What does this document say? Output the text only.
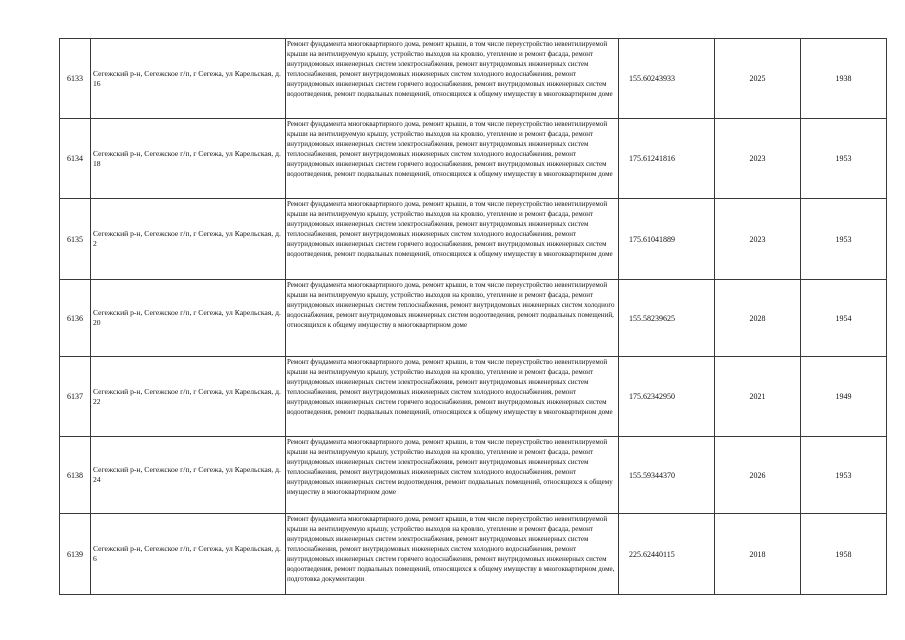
6133	Сегежский р-н, Сегежское г/п, г Сегежа, ул Карельская, д. 16	Ремонт фундамента многоквартирного дома, ремонт крыши, в том числе переустройство невентилируемой крыши на вентилируемую крышу, устройство выходов на кровлю, утепление и ремонт фасада, ремонт внутридомовых инженерных систем электроснабжения, ремонт внутридомовых инженерных систем теплоснабжения, ремонт внутридомовых инженерных систем холодного водоснабжения, ремонт внутридомовых инженерных систем горячего водоснабжения, ремонт внутридомовых инженерных систем водоотведения, ремонт подвальных помещений, относящихся к общему имуществу в многоквартирном доме	155.60243933	2025	1938
6134	Сегежский р-н, Сегежское г/п, г Сегежа, ул Карельская, д. 18	Ремонт фундамента многоквартирного дома, ремонт крыши, в том числе переустройство невентилируемой крыши на вентилируемую крышу, устройство выходов на кровлю, утепление и ремонт фасада, ремонт внутридомовых инженерных систем электроснабжения, ремонт внутридомовых инженерных систем теплоснабжения, ремонт внутридомовых инженерных систем холодного водоснабжения, ремонт внутридомовых инженерных систем горячего водоснабжения, ремонт внутридомовых инженерных систем водоотведения, ремонт подвальных помещений, относящихся к общему имуществу в многоквартирном доме	175.61241816	2023	1953
6135	Сегежский р-н, Сегежское г/п, г Сегежа, ул Карельская, д. 2	Ремонт фундамента многоквартирного дома, ремонт крыши, в том числе переустройство невентилируемой крыши на вентилируемую крышу, устройство выходов на кровлю, утепление и ремонт фасада, ремонт внутридомовых инженерных систем электроснабжения, ремонт внутридомовых инженерных систем теплоснабжения, ремонт внутридомовых инженерных систем холодного водоснабжения, ремонт внутридомовых инженерных систем горячего водоснабжения, ремонт внутридомовых инженерных систем водоотведения, ремонт подвальных помещений, относящихся к общему имуществу в многоквартирном доме	175.61041889	2023	1953
6136	Сегежский р-н, Сегежское г/п, г Сегежа, ул Карельская, д. 20	Ремонт фундамента многоквартирного дома, ремонт крыши, в том числе переустройство невентилируемой крыши на вентилируемую крышу, устройство выходов на кровлю, утепление и ремонт фасада, ремонт внутридомовых инженерных систем теплоснабжения, ремонт внутридомовых инженерных систем холодного водоснабжения, ремонт внутридомовых инженерных систем водоотведения, ремонт подвальных помещений, относящихся к общему имуществу в многоквартирном доме	155.58239625	2028	1954
6137	Сегежский р-н, Сегежское г/п, г Сегежа, ул Карельская, д. 22	Ремонт фундамента многоквартирного дома, ремонт крыши, в том числе переустройство невентилируемой крыши на вентилируемую крышу, устройство выходов на кровлю, утепление и ремонт фасада, ремонт внутридомовых инженерных систем электроснабжения, ремонт внутридомовых инженерных систем теплоснабжения, ремонт внутридомовых инженерных систем холодного водоснабжения, ремонт внутридомовых инженерных систем горячего водоснабжения, ремонт внутридомовых инженерных систем водоотведения, ремонт подвальных помещений, относящихся к общему имуществу в многоквартирном доме	175.62342950	2021	1949
6138	Сегежский р-н, Сегежское г/п, г Сегежа, ул Карельская, д. 24	Ремонт фундамента многоквартирного дома, ремонт крыши, в том числе переустройство невентилируемой крыши на вентилируемую крышу, устройство выходов на кровлю, утепление и ремонт фасада, ремонт внутридомовых инженерных систем электроснабжения, ремонт внутридомовых инженерных систем теплоснабжения, ремонт внутридомовых инженерных систем холодного водоснабжения, ремонт внутридомовых инженерных систем водоотведения, ремонт подвальных помещений, относящихся к общему имуществу в многоквартирном доме	155.59344370	2026	1953
6139	Сегежский р-н, Сегежское г/п, г Сегежа, ул Карельская, д. 6	Ремонт фундамента многоквартирного дома, ремонт крыши, в том числе переустройство невентилируемой крыши на вентилируемую крышу, устройство выходов на кровлю, утепление и ремонт фасада, ремонт внутридомовых инженерных систем электроснабжения, ремонт внутридомовых инженерных систем теплоснабжения, ремонт внутридомовых инженерных систем холодного водоснабжения, ремонт внутридомовых инженерных систем горячего водоснабжения, ремонт внутридомовых инженерных систем водоотведения, ремонт подвальных помещений, относящихся к общему имуществу в многоквартирном доме, подготовка документации	225.62440115	2018	1958
